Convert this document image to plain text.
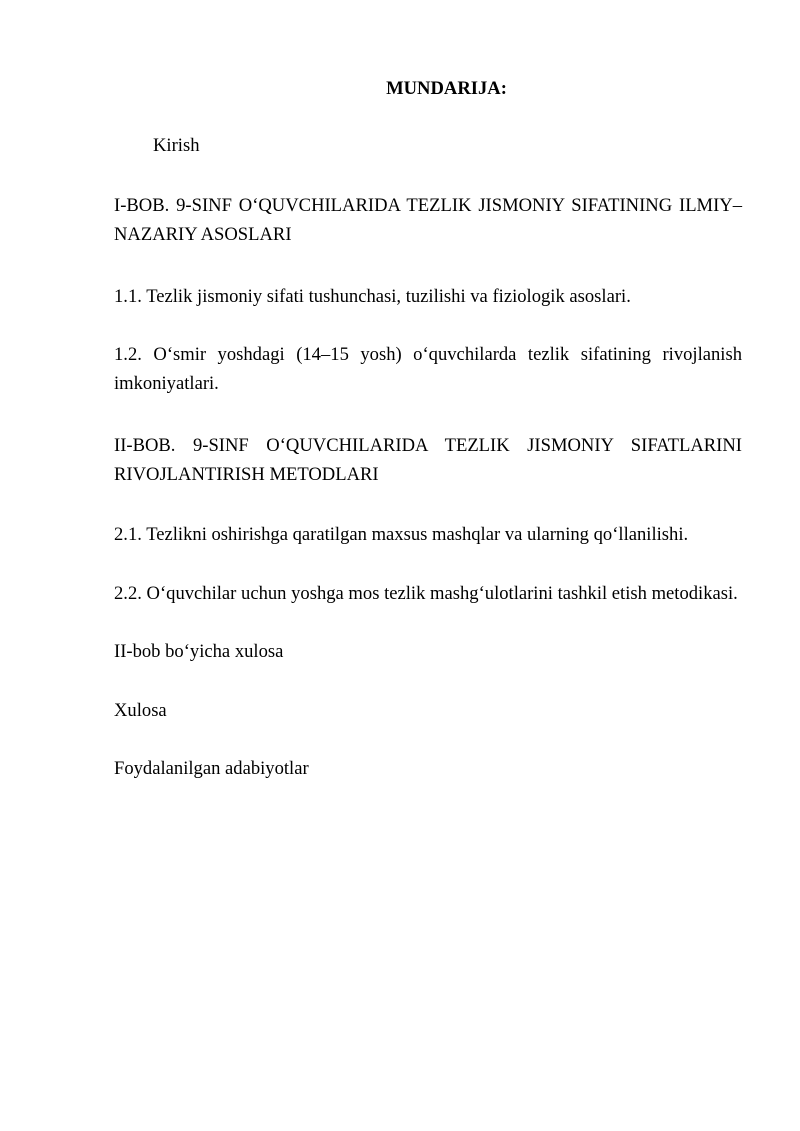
MUNDARIJA:
Kirish
I-BOB. 9-SINF O‘QUVCHILARIDA TEZLIK JISMONIY SIFATINING ILMIY–
NAZARIY ASOSLARI
1.1. Tezlik jismoniy sifati tushunchasi, tuzilishi va fiziologik asoslari.
1.2. O‘smir yoshdagi (14–15 yosh) o‘quvchilarda tezlik sifatining rivojlanish
imkoniyatlari.
II-BOB. 9-SINF O‘QUVCHILARIDA TEZLIK JISMONIY SIFATLARINI
RIVOJLANTIRISH METODLARI
2.1. Tezlikni oshirishga qaratilgan maxsus mashqlar va ularning qo‘llanilishi.
2.2. O‘quvchilar uchun yoshga mos tezlik mashg‘ulotlarini tashkil etish metodikasi.
II-bob bo‘yicha xulosa
Xulosa
Foydalanilgan adabiyotlar
